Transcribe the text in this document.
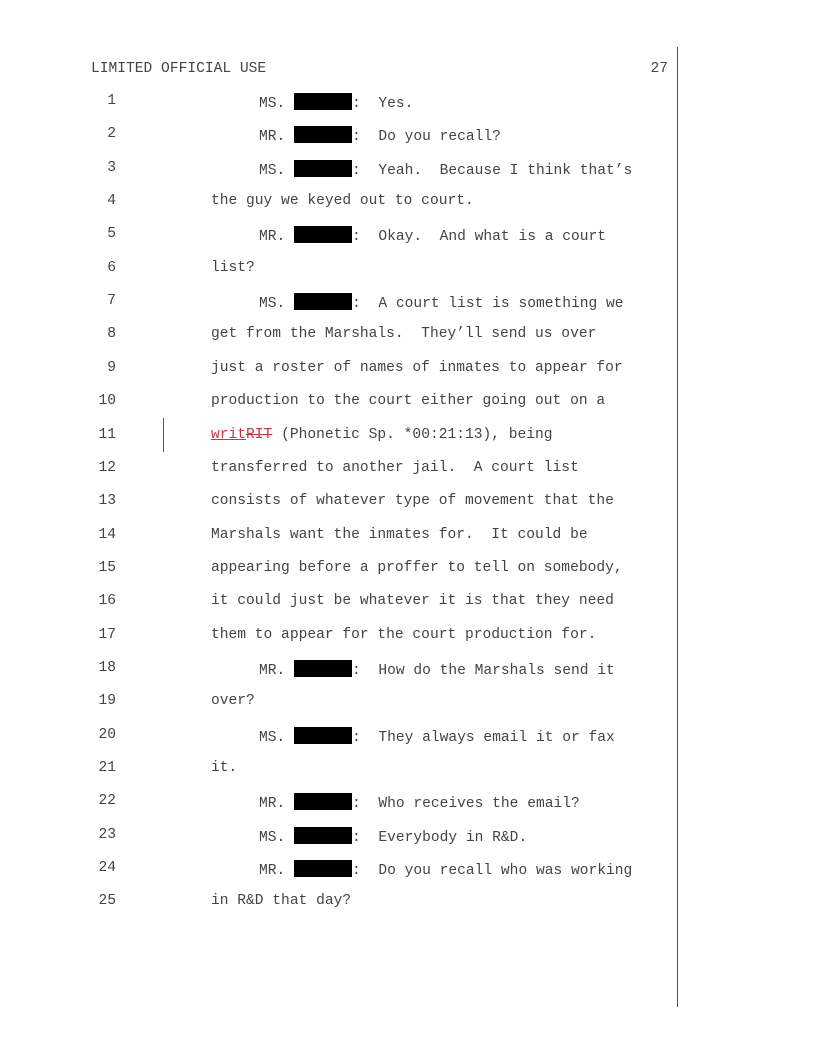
LIMITED OFFICIAL USE	27
1	MS.	:  Yes.
2	MR.	:  Do you recall?
3	MS.	:  Yeah.  Because I think that’s
4	the guy we keyed out to court.
5	MR.	:  Okay.  And what is a court
6	list?
7	MS.	:  A court list is something we
8	get from the Marshals.  They’ll send us over
9	just a roster of names of inmates to appear for
10	production to the court either going out on a
11	writRIT (Phonetic Sp. *00:21:13), being
12	transferred to another jail.  A court list
13	consists of whatever type of movement that the
14	Marshals want the inmates for.  It could be
15	appearing before a proffer to tell on somebody,
16	it could just be whatever it is that they need
17	them to appear for the court production for.
18	MR.	:  How do the Marshals send it
19	over?
20	MS.	:  They always email it or fax
21	it.
22	MR.	:  Who receives the email?
23	MS.	:  Everybody in R&D.
24	MR.	:  Do you recall who was working
25	in R&D that day?
